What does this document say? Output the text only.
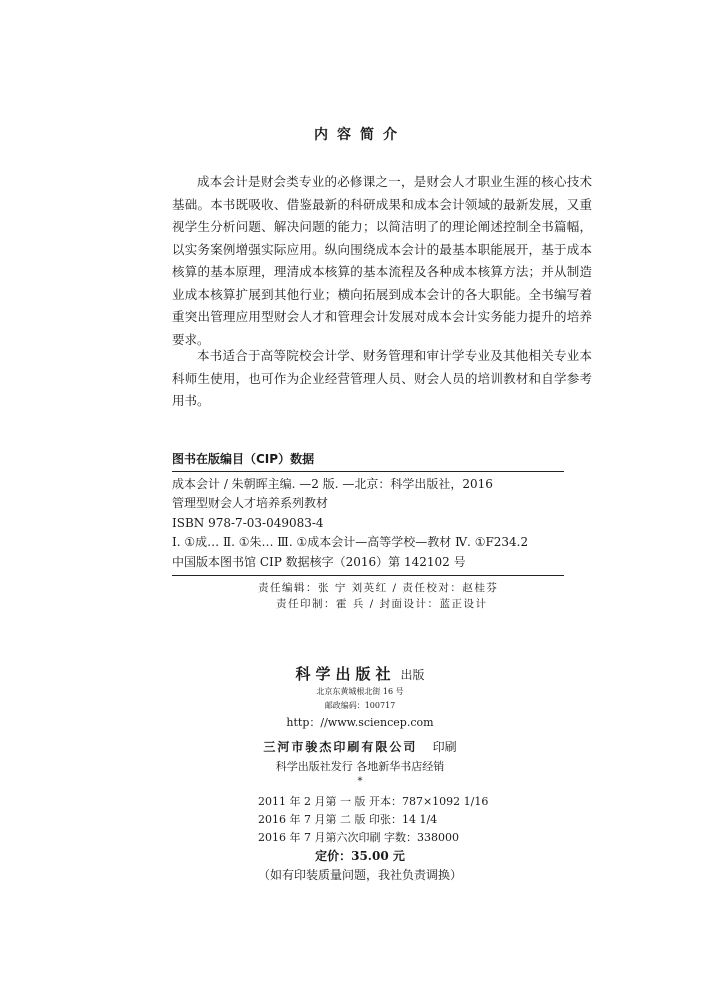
内容简介

成本会计是财会类专业的必修课之一，是财会人才职业生涯的核心技术基础。本书既吸收、借鉴最新的科研成果和成本会计领域的最新发展，又重视学生分析问题、解决问题的能力；以简洁明了的理论阐述控制全书篇幅，以实务案例增强实际应用。纵向围绕成本会计的最基本职能展开，基于成本核算的基本原理，理清成本核算的基本流程及各种成本核算方法；并从制造业成本核算扩展到其他行业；横向拓展到成本会计的各大职能。全书编写着重突出管理应用型财会人才和管理会计发展对成本会计实务能力提升的培养要求。

本书适合于高等院校会计学、财务管理和审计学专业及其他相关专业本科师生使用，也可作为企业经营管理人员、财会人员的培训教材和自学参考用书。

图书在版编目（CIP）数据
成本会计 / 朱朝晖主编. —2 版. —北京：科学出版社，2016
管理型财会人才培养系列教材
ISBN 978-7-03-049083-4
Ⅰ. ①成… Ⅱ. ①朱… Ⅲ. ①成本会计—高等学校—教材 Ⅳ. ①F234.2
中国版本图书馆 CIP 数据核字（2016）第 142102 号
责任编辑：张 宁 刘英红 / 责任校对：赵桂芬
责任印制：霍 兵 / 封面设计：蓝正设计
科学出版社 出版
北京东黄城根北街 16 号
邮政编码：100717
http：//www.sciencep.com
三河市骏杰印刷有限公司 印刷
科学出版社发行 各地新华书店经销
*
2011 年 2 月第 一 版 开本：787×1092 1/16
2016 年 7 月第 二 版 印张：14 1/4
2016 年 7 月第六次印刷 字数：338000
定价：35.00 元
（如有印装质量问题，我社负责调换）
